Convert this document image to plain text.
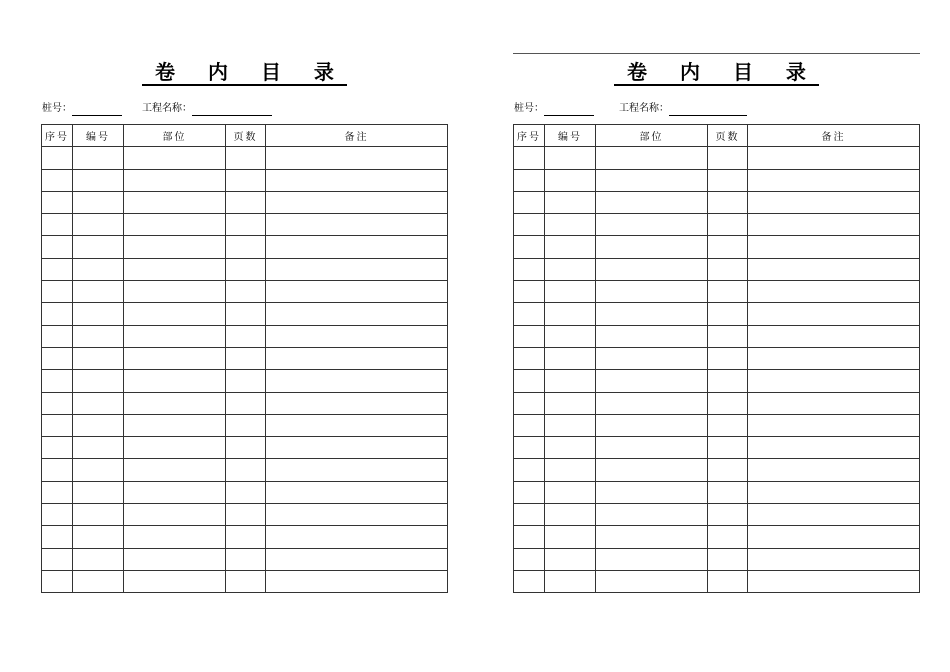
卷 内 目 录
桩号：	工程名称：
序号	编号	部位	页数	备注

卷 内 目 录
桩号：	工程名称：
序号	编号	部位	页数	备注
